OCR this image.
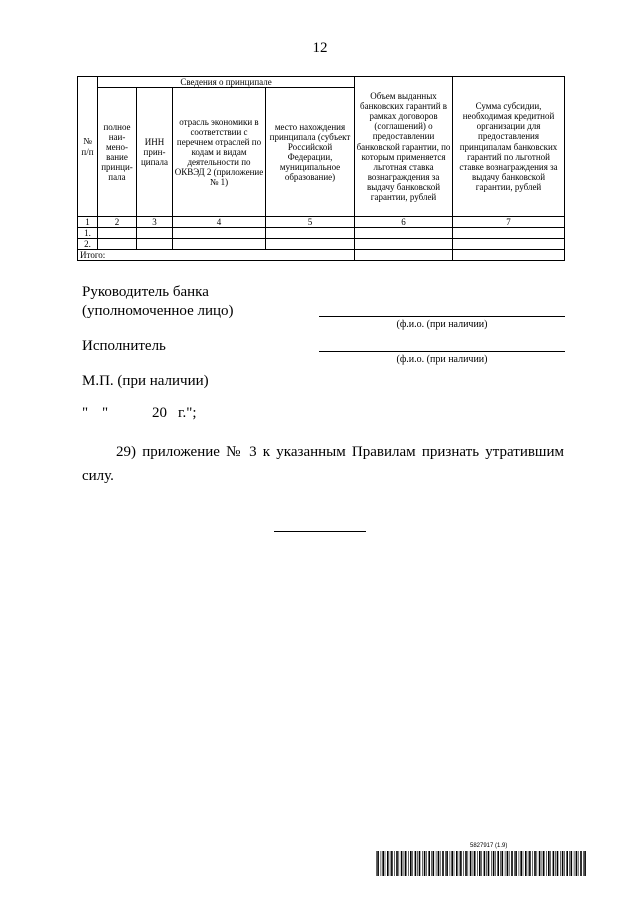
12
№ п/п	Сведения о принципале				Объем выданных банковских гарантий в рамках договоров (соглашений) о предоставлении банковской гарантии, по которым применяется льготная ставка вознаграждения за выдачу банковской гарантии, рублей	Сумма субсидии, необходимая кредитной организации для предоставления принципалам банковских гарантий по льготной ставке вознаграждения за выдачу банковской гарантии, рублей
	полное наи- мено- вание принци- пала	ИНН прин- ципала	отрасль экономики в соответствии с перечнем отраслей по кодам и видам деятельности по ОКВЭД 2 (приложение № 1)	место нахождения принципала (субъект Российской Федерации, муниципальное образование)		
1	2	3	4	5	6	7
1.						
2.						
Итого:						
Руководитель банка
(уполномоченное лицо)
(ф.и.о. (при наличии)
Исполнитель
(ф.и.о. (при наличии)
М.П. (при наличии)
" "	20 г.";
29) приложение № 3 к указанным Правилам признать утратившим силу.
5827917 (1.9)
